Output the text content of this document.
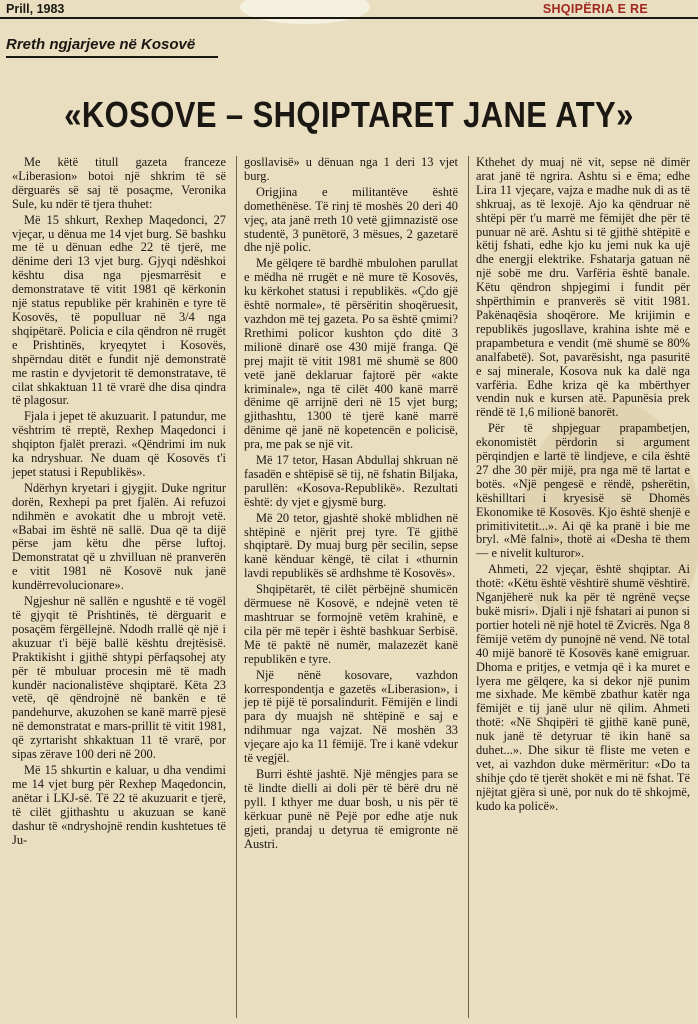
Prill, 1983	SHQIPËRIA E RE
Rreth ngjarjeve në Kosovë
«KOSOVE – SHQIPTARET JANE ATY»

Me këtë titull gazeta franceze «Liberasion» botoi një shkrim të së dërguarës së saj të posaçme, Veronika Sule, ku ndër të tjera thuhet:

Më 15 shkurt, Rexhep Maqedonci, 27 vjeçar, u dënua me 14 vjet burg. Së bashku me të u dënuan edhe 22 të tjerë, me dënime deri 13 vjet burg. Gjyqi ndëshkoi kështu disa nga pjesmarrësit e demonstratave të vitit 1981 që kërkonin një status republike për krahinën e tyre të Kosovës, të populluar në 3/4 nga shqipëtarë. Policia e cila qëndron në rrugët e Prishtinës, kryeqytet i Kosovës, shpërndau ditët e fundit një demonstratë me rastin e dyvjetorit të demonstratave, të cilat shkaktuan 11 të vrarë dhe disa qindra të plagosur.

Fjala i jepet të akuzuarit. I patundur, me vështrim të rreptë, Rexhep Maqedonci i shqipton fjalët prerazi. «Qëndrimi im nuk ka ndryshuar. Ne duam që Kosovës t'i jepet statusi i Republikës».

Ndërhyn kryetari i gjygjit. Duke ngritur dorën, Rexhepi pa pret fjalën. Ai refuzoi ndihmën e avokatit dhe u mbrojt vetë. «Babai im është në sallë. Dua që ta dijë përse jam këtu dhe përse luftoj. Demonstratat që u zhvilluan në pranverën e vitit 1981 në Kosovë nuk janë kundërrevolucionare».

Ngjeshur në sallën e ngushtë e të vogël të gjyqit të Prishtinës, të dërguarit e posaçëm fërgëllejnë. Ndodh rrallë që një i akuzuar t'i bëjë ballë kështu drejtësisë. Praktikisht i gjithë shtypi përfaqsohej aty për të mbuluar procesin më të madh kundër nacionalistëve shqiptarë. Këta 23 vetë, që qëndrojnë në bankën e të pandehurve, akuzohen se kanë marrë pjesë në demonstratat e mars-prillit të vitit 1981, që zyrtarisht shkaktuan 11 të vrarë, por sipas zërave 100 deri në 200.

Më 15 shkurtin e kaluar, u dha vendimi me 14 vjet burg për Rexhep Maqedoncin, anëtar i LKJ-së. Të 22 të akuzuarit e tjerë, të cilët gjithashtu u akuzuan se kanë dashur të «ndryshojnë rendin kushtetues të Ju-

gosllavisë» u dënuan nga 1 deri 13 vjet burg.

Origjina e militantëve është domethënëse. Të rinj të moshës 20 deri 40 vjeç, ata janë rreth 10 vetë gjimnazistë ose studentë, 3 punëtorë, 3 mësues, 2 gazetarë dhe një polic.

Me gëlqere të bardhë mbulohen parullat e mëdha në rrugët e në mure të Kosovës, ku kërkohet statusi i republikës. «Çdo gjë është normale», të përsëritin shoqëruesit, vazhdon më tej gazeta. Po sa është çmimi? Rrethimi policor kushton çdo ditë 3 milionë dinarë ose 430 mijë franga. Që prej majit të vitit 1981 më shumë se 800 vetë janë deklaruar fajtorë për «akte kriminale», nga të cilët 400 kanë marrë dënime që arrijnë deri në 15 vjet burg; gjithashtu, 1300 të tjerë kanë marrë dënime që janë në kopetencën e policisë, pra, me pak se një vit.

Më 17 tetor, Hasan Abdullaj shkruan në fasadën e shtëpisë së tij, në fshatin Biljaka, parullën: «Kosova-Republikë». Rezultati është: dy vjet e gjysmë burg.

Më 20 tetor, gjashtë shokë mblidhen në shtëpinë e njërit prej tyre. Të gjithë shqiptarë. Dy muaj burg për secilin, sepse kanë kënduar këngë, të cilat i «thurnin lavdi republikës së ardhshme të Kosovës».

Shqipëtarët, të cilët përbëjnë shumicën dërmuese në Kosovë, e ndejnë veten të mashtruar se formojnë vetëm krahinë, e cila për më tepër i është bashkuar Serbisë. Më të paktë në numër, malazezët kanë republikën e tyre.

Një nënë kosovare, vazhdon korrespondentja e gazetës «Liberasion», i jep të pijë të porsalindurit. Fëmijën e lindi para dy muajsh në shtëpinë e saj e ndihmuar nga vajzat. Në moshën 33 vjeçare ajo ka 11 fëmijë. Tre i kanë vdekur të vegjël.

Burri është jashtë. Një mëngjes para se të lindte dielli ai doli për të bërë dru në pyll. I kthyer me duar bosh, u nis për të kërkuar punë në Pejë por edhe atje nuk gjeti, prandaj u detyrua të emigronte në Austri.

Kthehet dy muaj në vit, sepse në dimër arat janë të ngrira. Ashtu si e ëma; edhe Lira 11 vjeçare, vajza e madhe nuk di as të shkruaj, as të lexojë. Ajo ka qëndruar në shtëpi për t'u marrë me fëmijët dhe për të punuar në arë. Ashtu si të gjithë shtëpitë e këtij fshati, edhe kjo ku jemi nuk ka ujë dhe energji elektrike. Fshatarja gatuan në një sobë me dru. Varfëria është banale. Këtu qëndron shpjegimi i fundit për shpërthimin e pranverës së vitit 1981. Pakënaqësia shoqërore. Me krijimin e republikës jugosllave, krahina ishte më e prapambetura e vendit (më shumë se 80% analfabetë). Sot, pavarësisht, nga pasuritë e saj minerale, Kosova nuk ka dalë nga varfëria. Edhe kriza që ka mbërthyer vendin nuk e kursen atë. Papunësia prek rëndë të 1,6 milionë banorët.

Për të shpjeguar prapambetjen, ekonomistët përdorin si argument përqindjen e lartë të lindjeve, e cila është 27 dhe 30 për mijë, pra nga më të lartat e botës. «Një pengesë e rëndë, psherëtin, këshilltari i kryesisë së Dhomës Ekonomike të Kosovës. Kjo është shenjë e primitivitetit...». Ai që ka pranë i bie me bryl. «Më falni», thotë ai «Desha të them — e nivelit kulturor».

Ahmeti, 22 vjeçar, është shqiptar. Ai thotë: «Këtu është vështirë shumë vështirë. Nganjëherë nuk ka për të ngrënë veçse bukë misri». Djali i një fshatari ai punon si portier hoteli në një hotel të Zvicrës. Nga 8 fëmijë vetëm dy punojnë në vend. Në total 40 mijë banorë të Kosovës kanë emigruar. Dhoma e pritjes, e vetmja që i ka muret e lyera me gëlqere, ka si dekor një punim me sixhade. Me këmbë zbathur katër nga fëmijët e tij janë ulur në qilim. Ahmeti thotë: «Në Shqipëri të gjithë kanë punë, nuk janë të detyruar të ikin hanë sa duhet...». Dhe sikur të fliste me veten e vet, ai vazhdon duke mërmëritur: «Do ta shihje çdo të tjerët shokët e mi në fshat. Të njëjtat gjëra si unë, por nuk do të shkojmë, kudo ka policë».
